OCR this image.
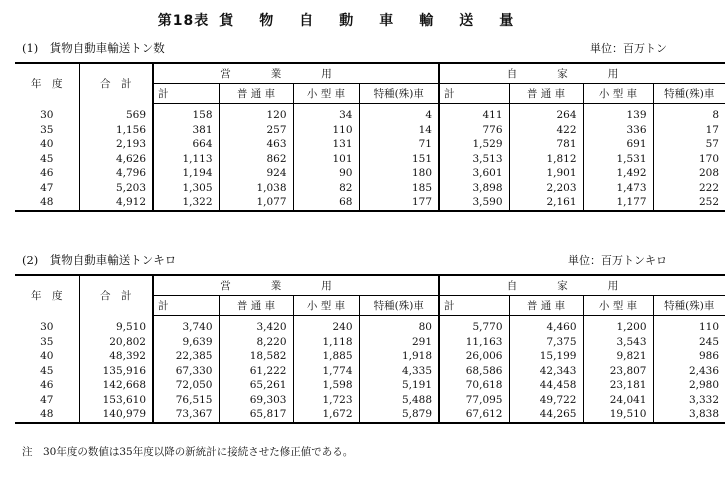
第18表 貨物自動車輸送量
(1)　貨物自動車輸送トン数	単位：百万トン
年　度	合　計	営業用				自家用			
		計	普 通 車	小 型 車	特種(殊)車	計	普 通 車	小 型 車	特種(殊)車
30	569	158	120	34	4	411	264	139	8
35	1,156	381	257	110	14	776	422	336	17
40	2,193	664	463	131	71	1,529	781	691	57
45	4,626	1,113	862	101	151	3,513	1,812	1,531	170
46	4,796	1,194	924	90	180	3,601	1,901	1,492	208
47	5,203	1,305	1,038	82	185	3,898	2,203	1,473	222
48	4,912	1,322	1,077	68	177	3,590	2,161	1,177	252
(2)　貨物自動車輸送トンキロ	単位：百万トンキロ
年　度	合　計	営業用				自家用			
		計	普 通 車	小 型 車	特種(殊)車	計	普 通 車	小 型 車	特種(殊)車
30	9,510	3,740	3,420	240	80	5,770	4,460	1,200	110
35	20,802	9,639	8,220	1,118	291	11,163	7,375	3,543	245
40	48,392	22,385	18,582	1,885	1,918	26,006	15,199	9,821	986
45	135,916	67,330	61,222	1,774	4,335	68,586	42,343	23,807	2,436
46	142,668	72,050	65,261	1,598	5,191	70,618	44,458	23,181	2,980
47	153,610	76,515	69,303	1,723	5,488	77,095	49,722	24,041	3,332
48	140,979	73,367	65,817	1,672	5,879	67,612	44,265	19,510	3,838
注　30年度の数値は35年度以降の新統計に接続させた修正値である。
